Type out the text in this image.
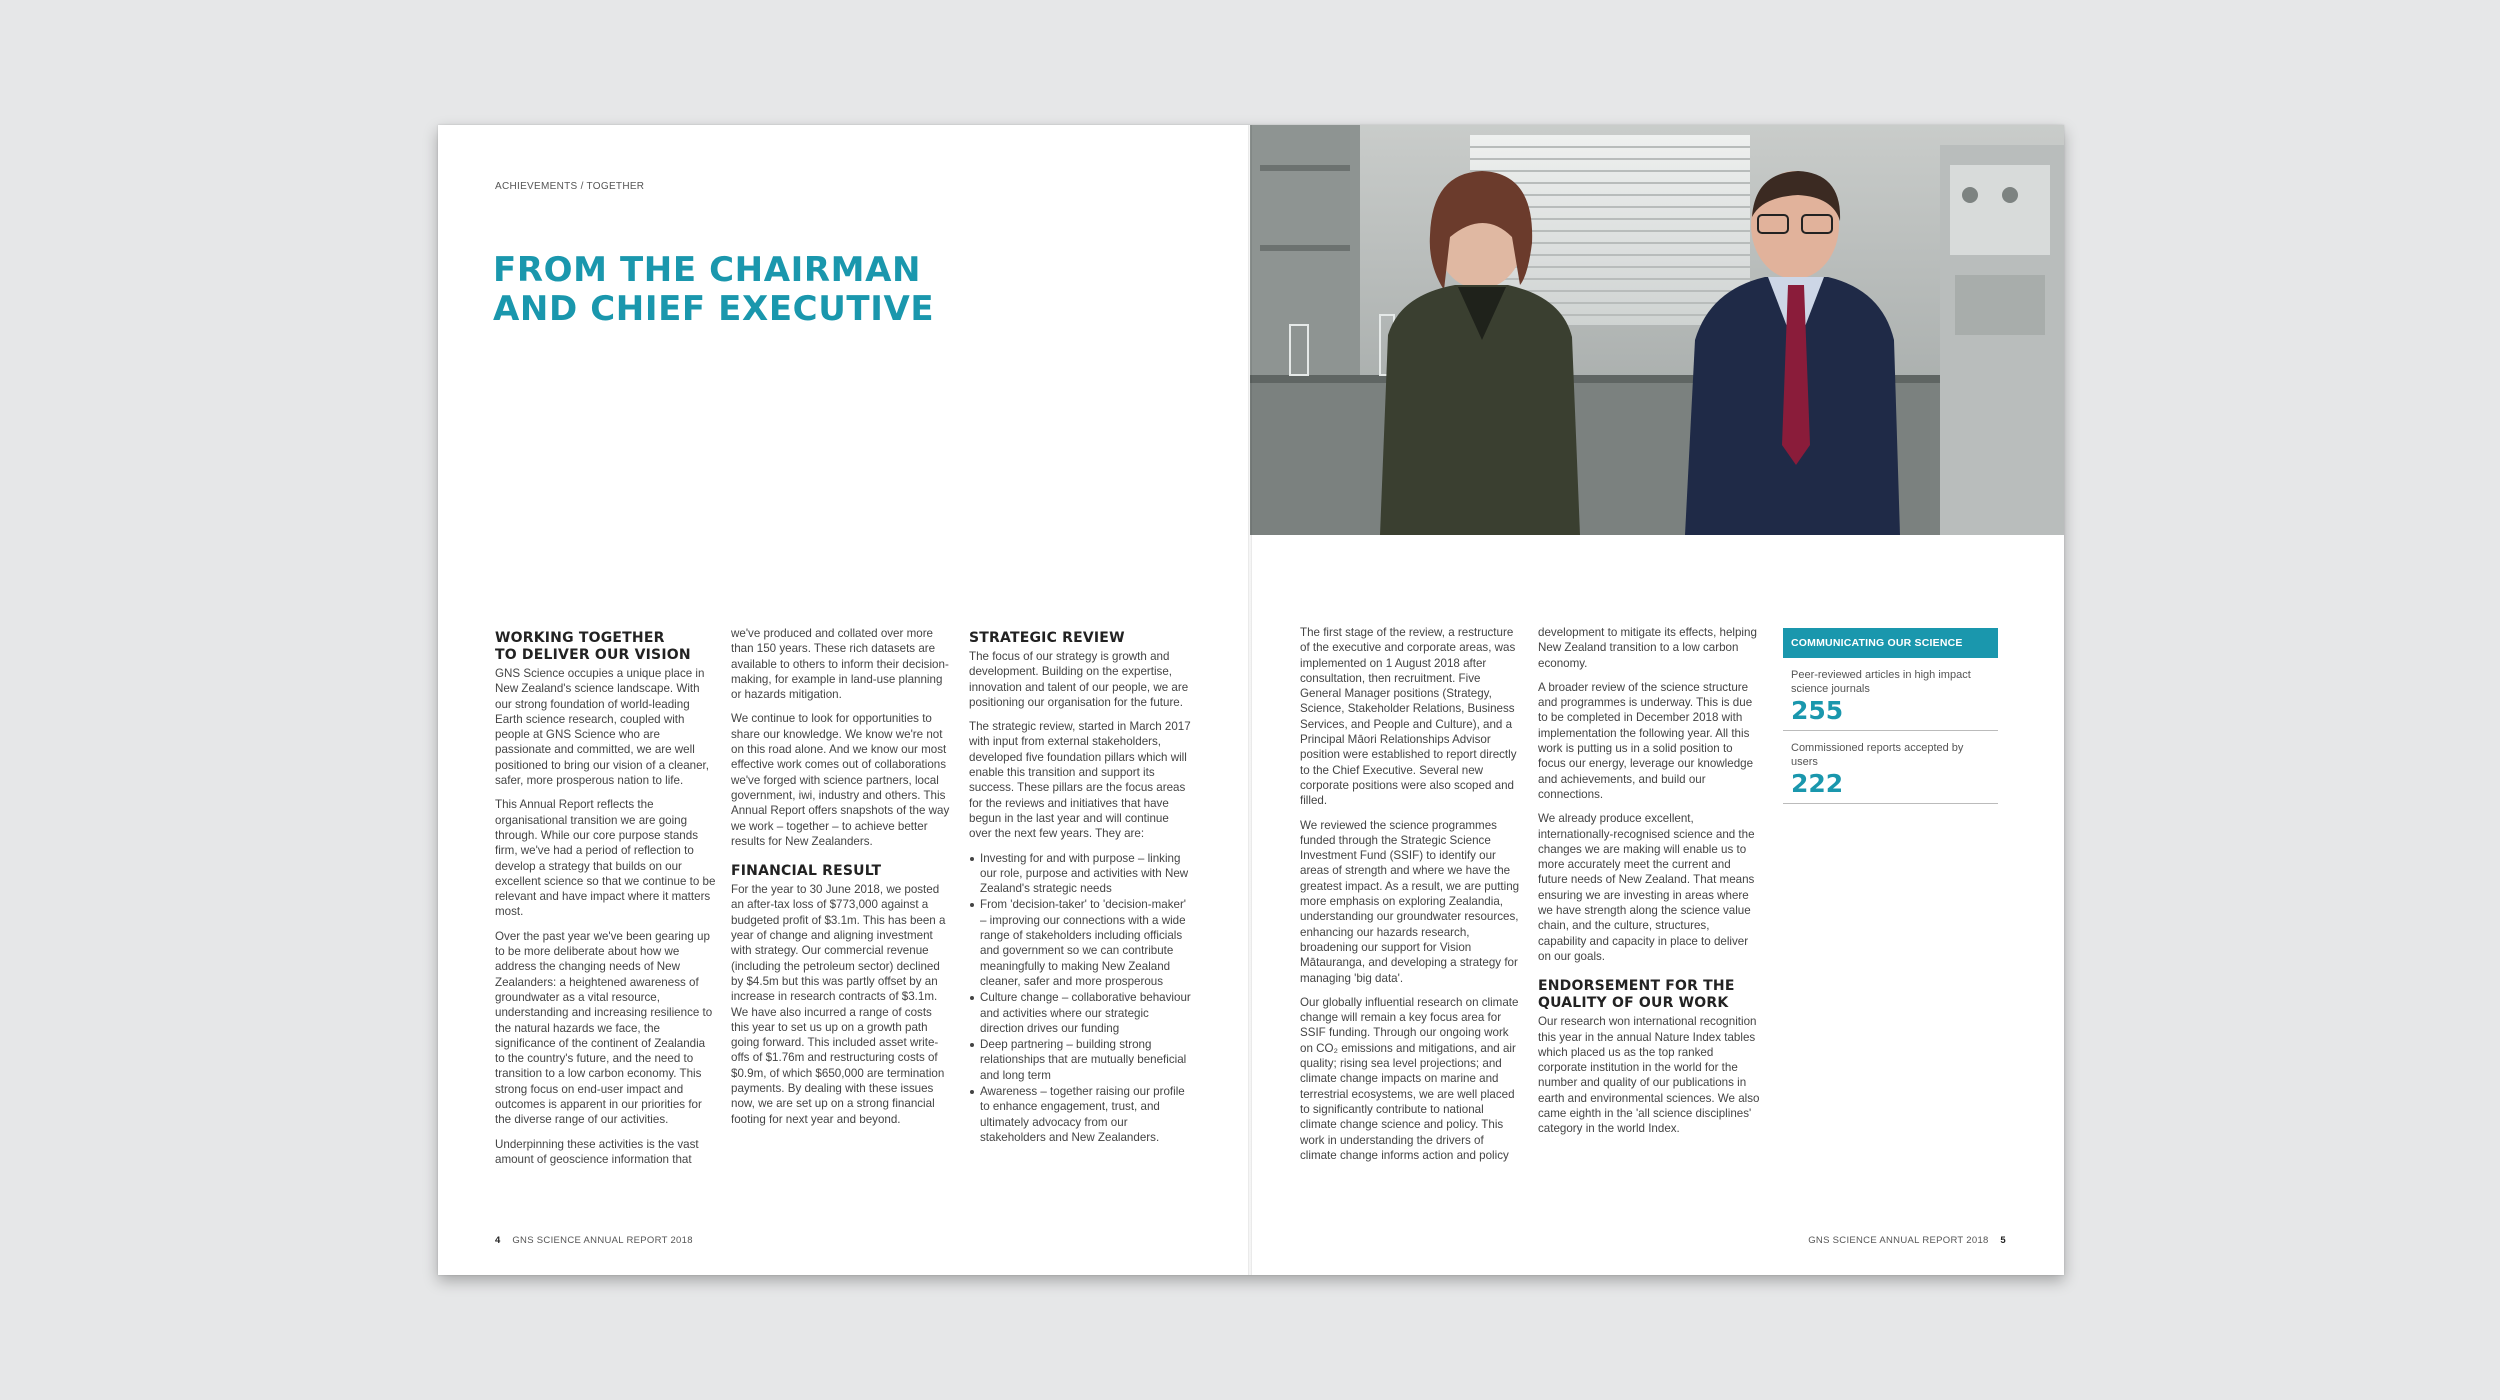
ACHIEVEMENTS / TOGETHER
FROM THE CHAIRMAN
AND CHIEF EXECUTIVE
WORKING TOGETHER
TO DELIVER OUR VISION

GNS Science occupies a unique place in New Zealand's science landscape. With our strong foundation of world-leading Earth science research, coupled with people at GNS Science who are passionate and committed, we are well positioned to bring our vision of a cleaner, safer, more prosperous nation to life.

This Annual Report reflects the organisational transition we are going through. While our core purpose stands firm, we've had a period of reflection to develop a strategy that builds on our excellent science so that we continue to be relevant and have impact where it matters most.

Over the past year we've been gearing up to be more deliberate about how we address the changing needs of New Zealanders: a heightened awareness of groundwater as a vital resource, understanding and increasing resilience to the natural hazards we face, the significance of the continent of Zealandia to the country's future, and the need to transition to a low carbon economy. This strong focus on end-user impact and outcomes is apparent in our priorities for the diverse range of our activities.

Underpinning these activities is the vast amount of geoscience information that

we've produced and collated over more than 150 years. These rich datasets are available to others to inform their decision-making, for example in land-use planning or hazards mitigation.

We continue to look for opportunities to share our knowledge. We know we're not on this road alone. And we know our most effective work comes out of collaborations we've forged with science partners, local government, iwi, industry and others. This Annual Report offers snapshots of the way we work – together – to achieve better results for New Zealanders.

FINANCIAL RESULT

For the year to 30 June 2018, we posted an after-tax loss of $773,000 against a budgeted profit of $3.1m. This has been a year of change and aligning investment with strategy. Our commercial revenue (including the petroleum sector) declined by $4.5m but this was partly offset by an increase in research contracts of $3.1m. We have also incurred a range of costs this year to set us up on a growth path going forward. This included asset write-offs of $1.76m and restructuring costs of $0.9m, of which $650,000 are termination payments. By dealing with these issues now, we are set up on a strong financial footing for next year and beyond.

STRATEGIC REVIEW

The focus of our strategy is growth and development. Building on the expertise, innovation and talent of our people, we are positioning our organisation for the future.

The strategic review, started in March 2017 with input from external stakeholders, developed five foundation pillars which will enable this transition and support its success. These pillars are the focus areas for the reviews and initiatives that have begun in the last year and will continue over the next few years. They are:

Investing for and with purpose – linking our role, purpose and activities with New Zealand's strategic needs
From 'decision-taker' to 'decision-maker' – improving our connections with a wide range of stakeholders including officials and government so we can contribute meaningfully to making New Zealand cleaner, safer and more prosperous
Culture change – collaborative behaviour and activities where our strategic direction drives our funding
Deep partnering – building strong relationships that are mutually beneficial and long term
Awareness – together raising our profile to enhance engagement, trust, and ultimately advocacy from our stakeholders and New Zealanders.
4 GNS SCIENCE ANNUAL REPORT 2018

The first stage of the review, a restructure of the executive and corporate areas, was implemented on 1 August 2018 after consultation, then recruitment. Five General Manager positions (Strategy, Science, Stakeholder Relations, Business Services, and People and Culture), and a Principal Māori Relationships Advisor position were established to report directly to the Chief Executive. Several new corporate positions were also scoped and filled.

We reviewed the science programmes funded through the Strategic Science Investment Fund (SSIF) to identify our areas of strength and where we have the greatest impact. As a result, we are putting more emphasis on exploring Zealandia, understanding our groundwater resources, enhancing our hazards research, broadening our support for Vision Mātauranga, and developing a strategy for managing 'big data'.

Our globally influential research on climate change will remain a key focus area for SSIF funding. Through our ongoing work on CO₂ emissions and mitigations, and air quality; rising sea level projections; and climate change impacts on marine and terrestrial ecosystems, we are well placed to significantly contribute to national climate change science and policy. This work in understanding the drivers of climate change informs action and policy

development to mitigate its effects, helping New Zealand transition to a low carbon economy.

A broader review of the science structure and programmes is underway. This is due to be completed in December 2018 with implementation the following year. All this work is putting us in a solid position to focus our energy, leverage our knowledge and achievements, and build our connections.

We already produce excellent, internationally-recognised science and the changes we are making will enable us to more accurately meet the current and future needs of New Zealand. That means ensuring we are investing in areas where we have strength along the science value chain, and the culture, structures, capability and capacity in place to deliver on our goals.

ENDORSEMENT FOR THE
QUALITY OF OUR WORK

Our research won international recognition this year in the annual Nature Index tables which placed us as the top ranked corporate institution in the world for the number and quality of our publications in earth and environmental sciences. We also came eighth in the 'all science disciplines' category in the world Index.

COMMUNICATING OUR SCIENCE
Peer-reviewed articles in high impact science journals
255
Commissioned reports accepted by users
222
GNS SCIENCE ANNUAL REPORT 2018 5
